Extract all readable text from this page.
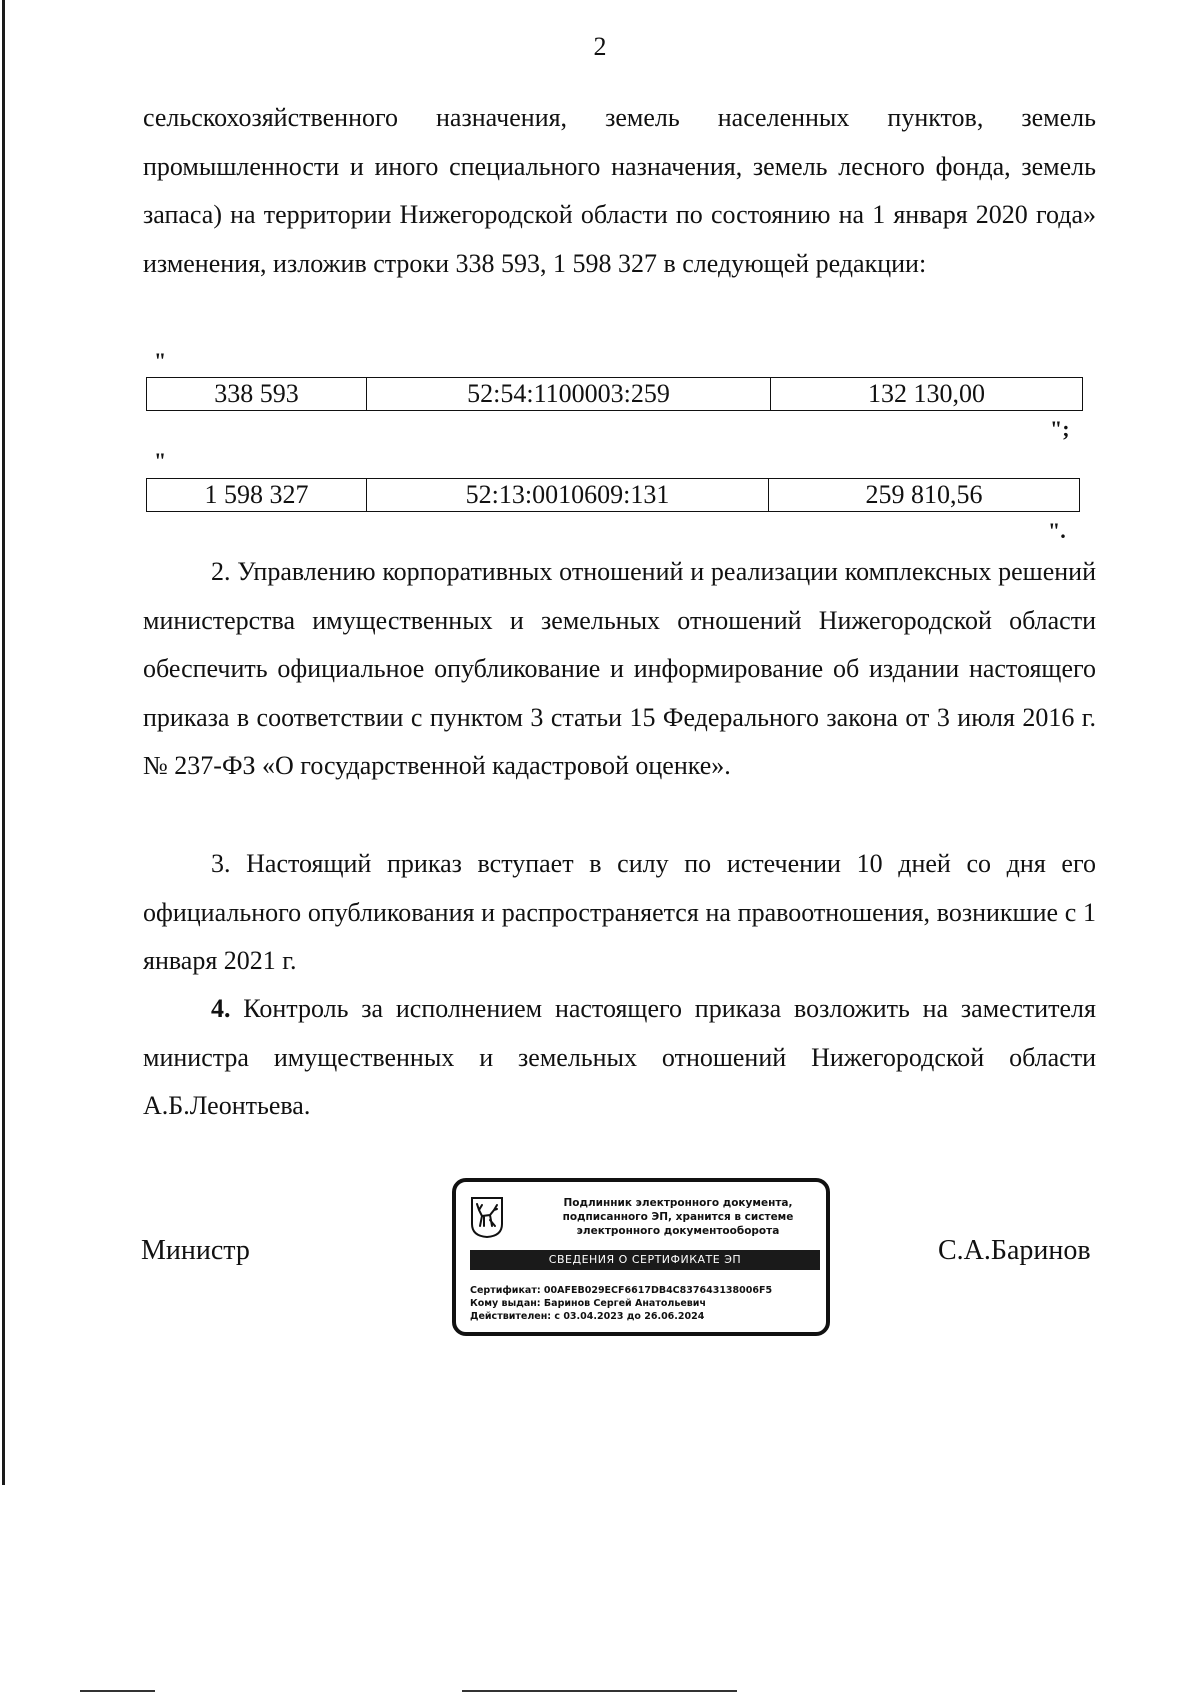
2
сельскохозяйственного назначения, земель населенных пунктов, земель промышленности и иного специального назначения, земель лесного фонда, земель запаса) на территории Нижегородской области по состоянию на 1 января 2020 года» изменения, изложив строки 338 593, 1 598 327 в следующей редакции:
"
338 593	52:54:1100003:259	132 130,00
";
"
1 598 327	52:13:0010609:131	259 810,56
".
2. Управлению корпоративных отношений и реализации комплексных решений министерства имущественных и земельных отношений Нижегородской области обеспечить официальное опубликование и информирование об издании настоящего приказа в соответствии с пунктом 3 статьи 15 Федерального закона от 3 июля 2016 г. № 237-ФЗ «О государственной кадастровой оценке».
3. Настоящий приказ вступает в силу по истечении 10 дней со дня его официального опубликования и распространяется на правоотношения, возникшие с 1 января 2021 г.
4. Контроль за исполнением настоящего приказа возложить на заместителя министра имущественных и земельных отношений Нижегородской области А.Б.Леонтьева.
Министр
Подлинник электронного документа, подписанного ЭП, хранится в системе электронного документооборота
СВЕДЕНИЯ О СЕРТИФИКАТЕ ЭП
Сертификат: 00AFEB029ECF6617DB4C837643138006F5
Кому выдан: Баринов Сергей Анатольевич
Действителен: с 03.04.2023 до 26.06.2024
С.А.Баринов
